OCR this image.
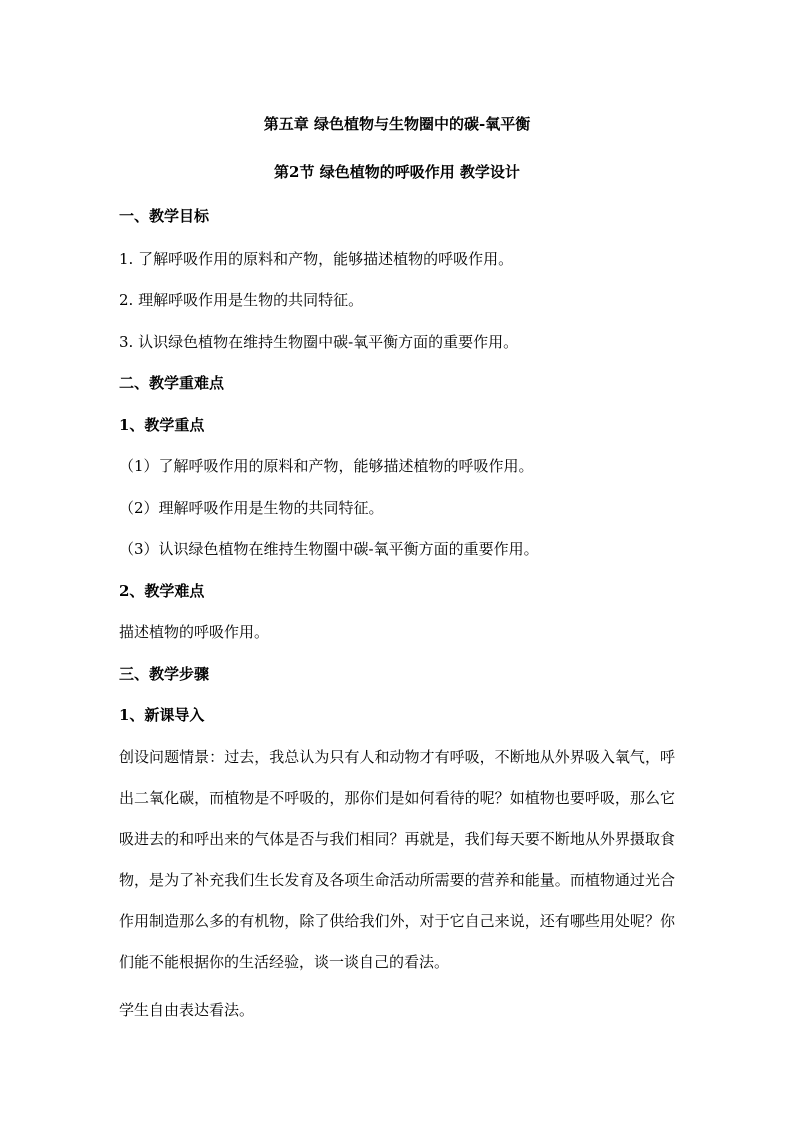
第五章 绿色植物与生物圈中的碳-氧平衡
第2节 绿色植物的呼吸作用 教学设计
一、教学目标
1. 了解呼吸作用的原料和产物，能够描述植物的呼吸作用。
2. 理解呼吸作用是生物的共同特征。
3. 认识绿色植物在维持生物圈中碳-氧平衡方面的重要作用。
二、教学重难点
1、教学重点
（1）了解呼吸作用的原料和产物，能够描述植物的呼吸作用。
（2）理解呼吸作用是生物的共同特征。
（3）认识绿色植物在维持生物圈中碳-氧平衡方面的重要作用。
2、教学难点
描述植物的呼吸作用。
三、教学步骤
1、新课导入
创设问题情景：过去，我总认为只有人和动物才有呼吸，不断地从外界吸入氧气，呼出二氧化碳，而植物是不呼吸的，那你们是如何看待的呢？如植物也要呼吸，那么它吸进去的和呼出来的气体是否与我们相同？再就是，我们每天要不断地从外界摄取食物，是为了补充我们生长发育及各项生命活动所需要的营养和能量。而植物通过光合作用制造那么多的有机物，除了供给我们外，对于它自己来说，还有哪些用处呢？你们能不能根据你的生活经验，谈一谈自己的看法。
学生自由表达看法。
